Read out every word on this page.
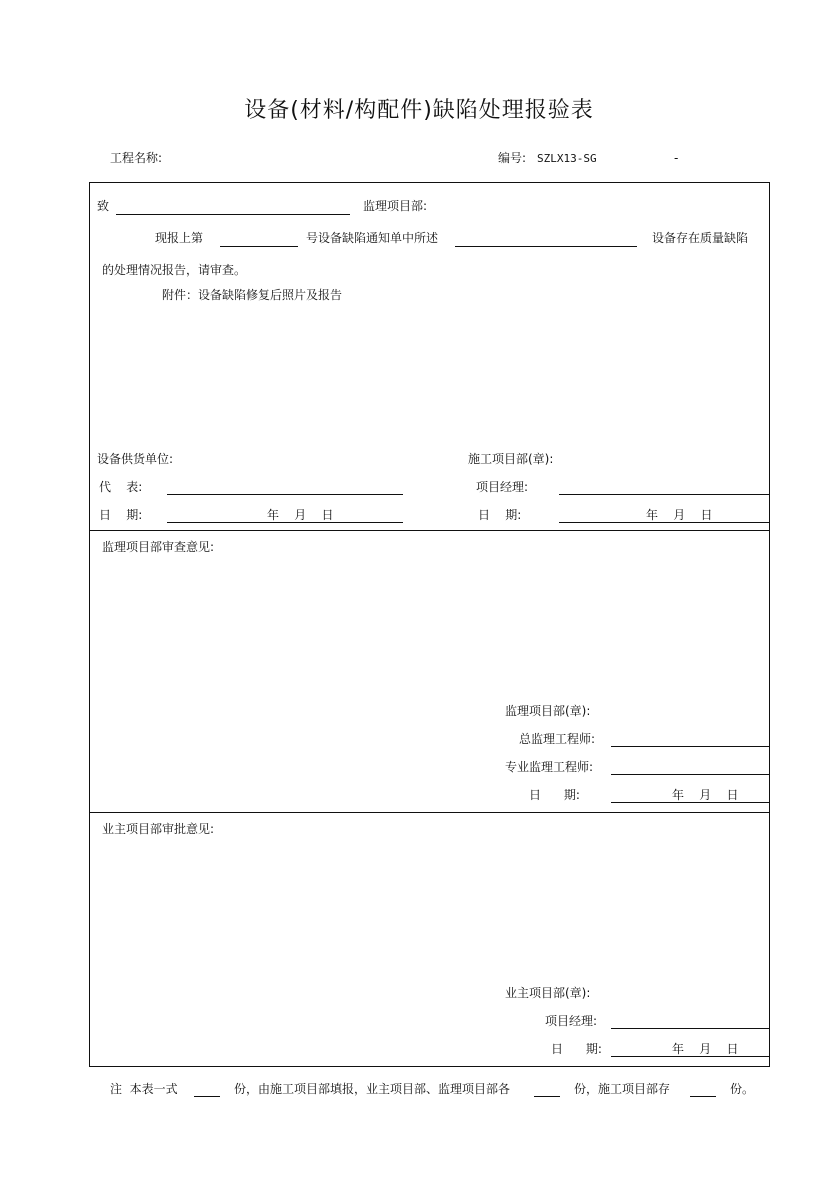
设备(材料/构配件)缺陷处理报验表
工程名称:	编号: SZLX13-SG	-
致	监理项目部:
现报上第	号设备缺陷通知单中所述	设备存在质量缺陷
的处理情况报告，请审查。
附件：设备缺陷修复后照片及报告
设备供货单位:	施工项目部(章):
代    表:	项目经理:
日    期:	年    月    日	日    期:	年    月    日
监理项目部审查意见:
监理项目部(章):
总监理工程师:
专业监理工程师:
日      期:	年    月    日
业主项目部审批意见:
业主项目部(章):
项目经理:
日      期:	年    月    日
注  本表一式	份，由施工项目部填报，业主项目部、监理项目部各	份，施工项目部存	份。
